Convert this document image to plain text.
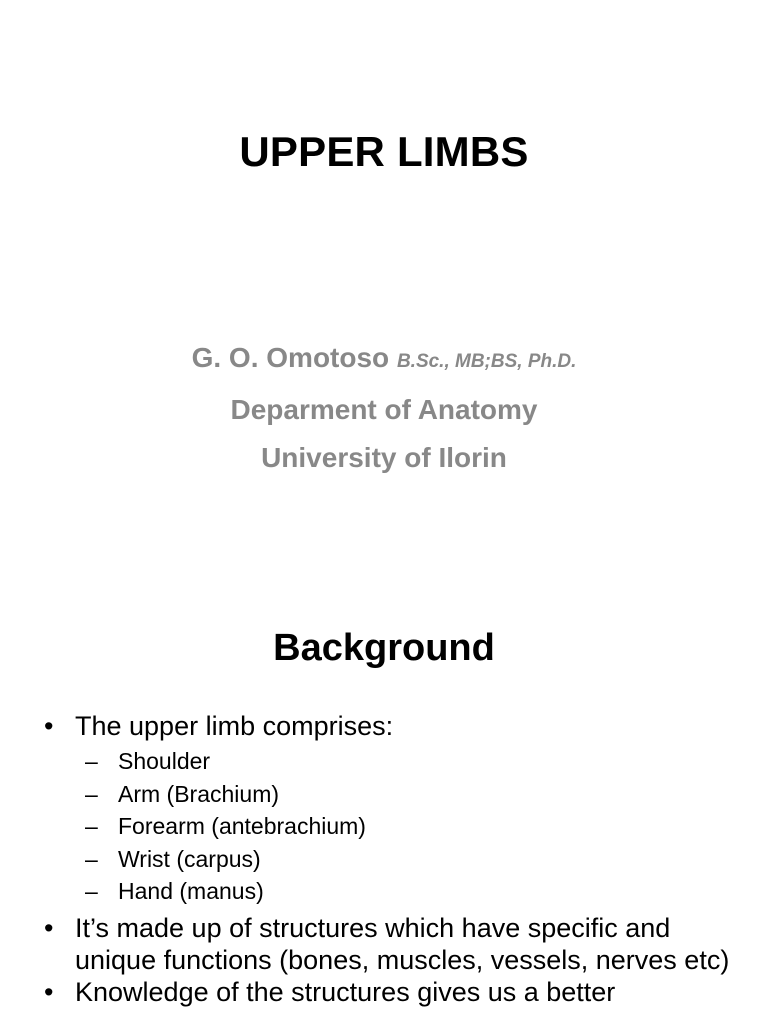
UPPER LIMBS
G. O. Omotoso B.Sc., MB;BS, Ph.D.
Deparment of Anatomy
University of Ilorin
Background
• The upper limb comprises:
– Shoulder
– Arm (Brachium)
– Forearm (antebrachium)
– Wrist (carpus)
– Hand (manus)
• It’s made up of structures which have specific and unique functions (bones, muscles, vessels, nerves etc)
• Knowledge of the structures gives us a better
